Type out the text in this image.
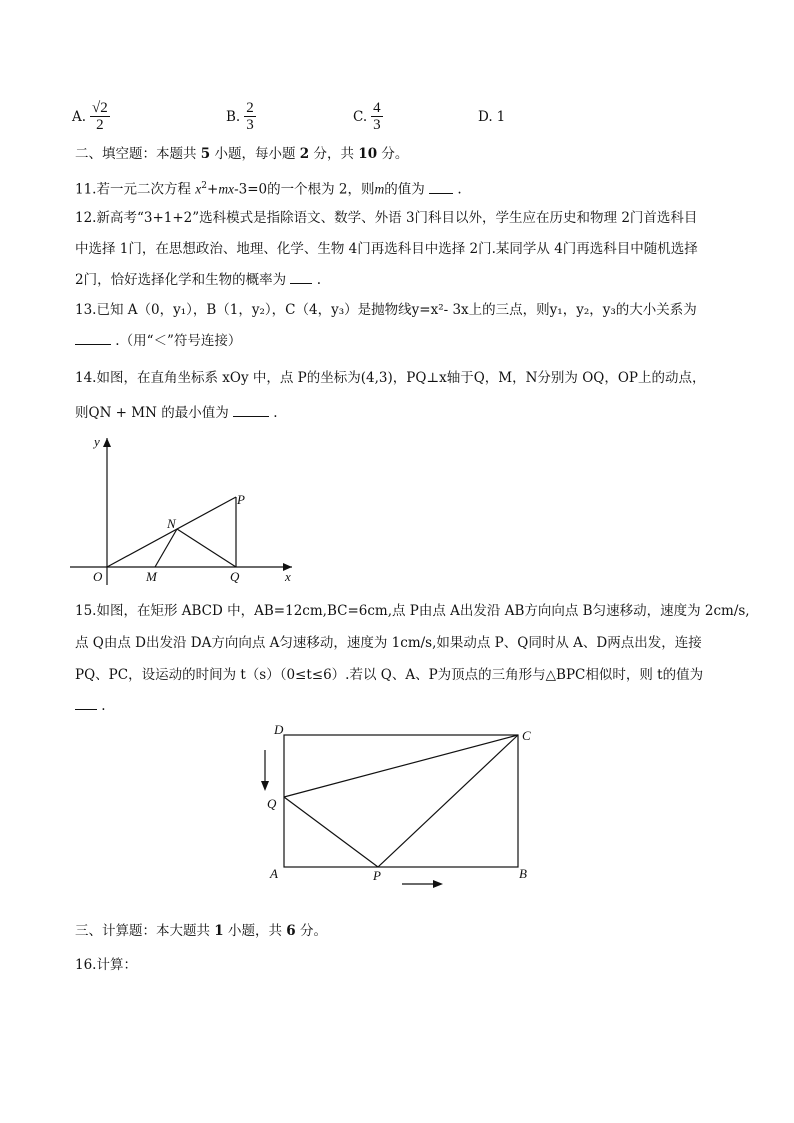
A. $\frac{√2}{2}$	B. $\frac{2}{3}$	C. $\frac{4}{3}$	D. 1
二、填空题：本题共 5 小题，每小题 2 分，共 10 分。
11.若一元二次方程 $x^2+mx-3=0$的一个根为 2，则m的值为 .
12.新高考“3+1+2”选科模式是指除语文、数学、外语 3门科目以外，学生应在历史和物理 2门首选科目
中选择 1门，在思想政治、地理、化学、生物 4门再选科目中选择 2门.某同学从 4门再选科目中随机选择
2门，恰好选择化学和生物的概率为 .
13.已知 A（0，y₁），B（1，y₂），C（4，y₃）是抛物线y=x²- 3x上的三点，则y₁，y₂，y₃的大小关系为
.（用“＜”符号连接）
14.如图，在直角坐标系 xOy 中，点 P的坐标为(4,3)，PQ⊥x轴于Q，M，N分别为 OQ，OP上的动点，
则QN + MN 的最小值为	.
y
x
O	M	Q
N
P
15.如图，在矩形 ABCD 中，AB=12cm,BC=6cm,点 P由点 A出发沿 AB方向向点 B匀速移动，速度为 2cm/s,
点 Q由点 D出发沿 DA方向向点 A匀速移动，速度为 1cm/s,如果动点 P、Q同时从 A、D两点出发，连接
PQ、PC，设运动的时间为 t（s）（0≤t≤6）.若以 Q、A、P为顶点的三角形与△BPC相似时，则 t的值为
.
D	C
Q
A	P	B
三、计算题：本大题共 1 小题，共 6 分。
16.计算：
